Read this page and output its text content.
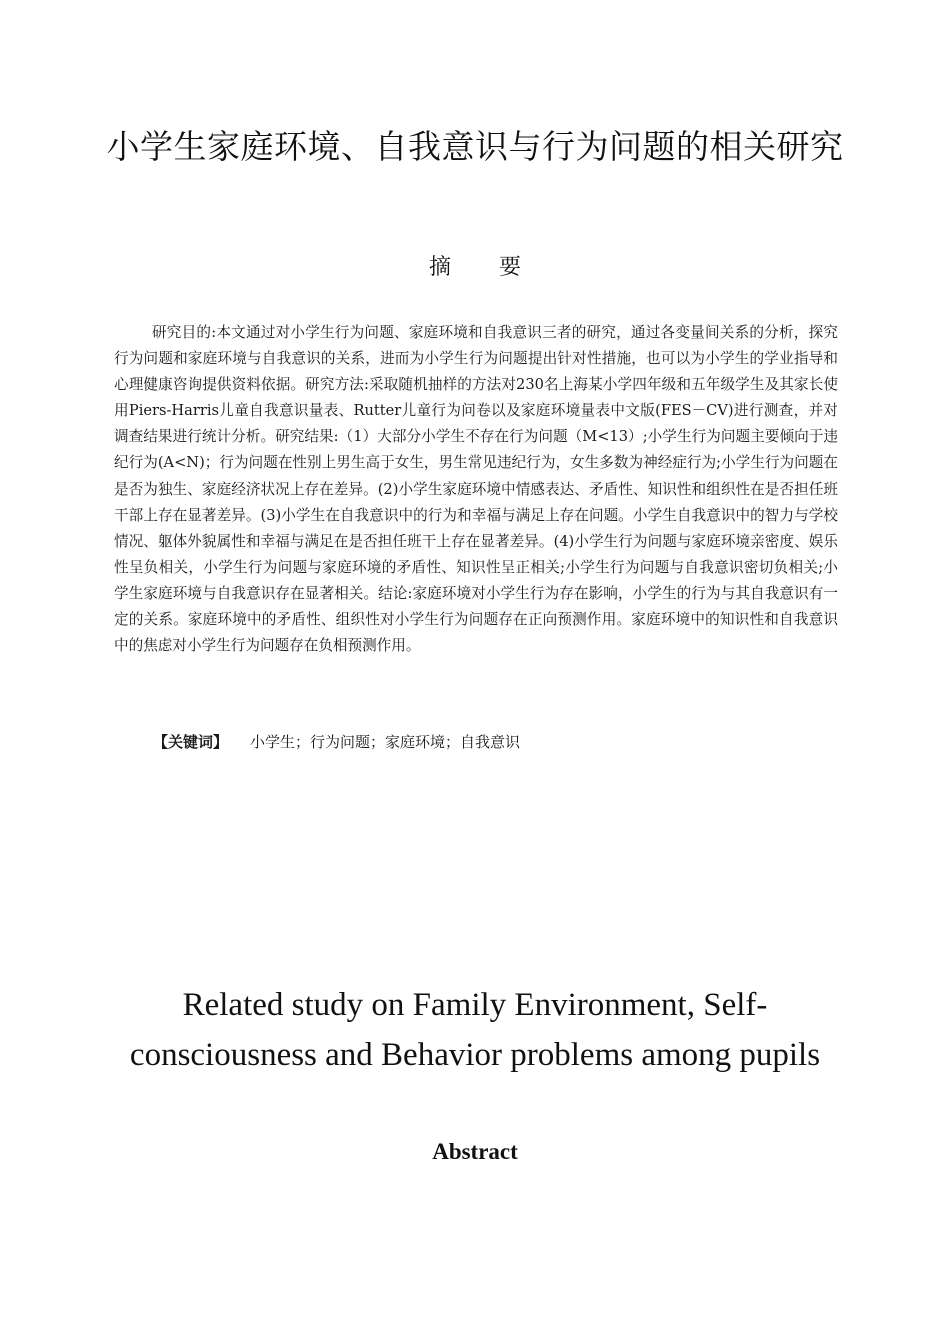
小学生家庭环境、自我意识与行为问题的相关研究
摘要

研究目的:本文通过对小学生行为问题、家庭环境和自我意识三者的研究，通过各变量间关系的分析，探究行为问题和家庭环境与自我意识的关系，进而为小学生行为问题提出针对性措施，也可以为小学生的学业指导和心理健康咨询提供资料依据。研究方法:采取随机抽样的方法对230名上海某小学四年级和五年级学生及其家长使用Piers-Harris儿童自我意识量表、Rutter儿童行为问卷以及家庭环境量表中文版(FES－CV)进行测查，并对调查结果进行统计分析。研究结果:（1）大部分小学生不存在行为问题（M<13）;小学生行为问题主要倾向于违纪行为(A<N)；行为问题在性别上男生高于女生，男生常见违纪行为，女生多数为神经症行为;小学生行为问题在是否为独生、家庭经济状况上存在差异。(2)小学生家庭环境中情感表达、矛盾性、知识性和组织性在是否担任班干部上存在显著差异。(3)小学生在自我意识中的行为和幸福与满足上存在问题。小学生自我意识中的智力与学校情况、躯体外貌属性和幸福与满足在是否担任班干上存在显著差异。(4)小学生行为问题与家庭环境亲密度、娱乐性呈负相关，小学生行为问题与家庭环境的矛盾性、知识性呈正相关;小学生行为问题与自我意识密切负相关;小学生家庭环境与自我意识存在显著相关。结论:家庭环境对小学生行为存在影响，小学生的行为与其自我意识有一定的关系。家庭环境中的矛盾性、组织性对小学生行为问题存在正向预测作用。家庭环境中的知识性和自我意识中的焦虑对小学生行为问题存在负相预测作用。

【关键词】 小学生；行为问题；家庭环境；自我意识
Related study on Family Environment, Self-consciousness and Behavior problems among pupils
Abstract
